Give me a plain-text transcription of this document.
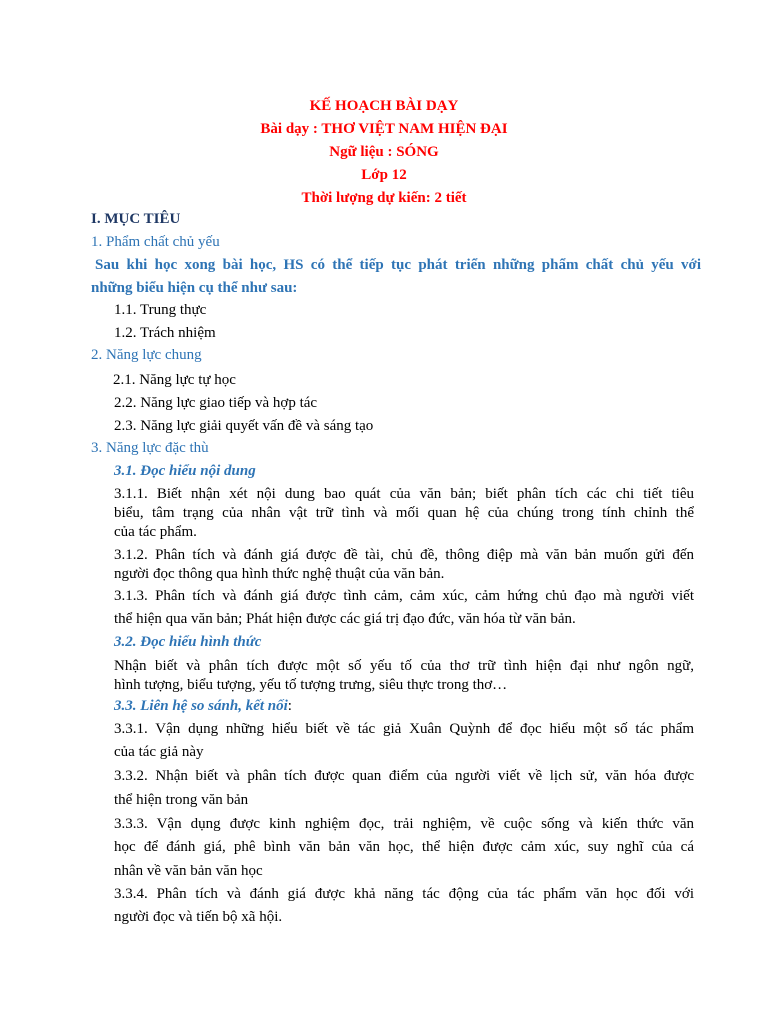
KẾ HOẠCH BÀI DẠY
Bài dạy : THƠ VIỆT NAM HIỆN ĐẠI
Ngữ liệu : SÓNG
Lớp 12
Thời lượng dự kiến: 2 tiết
I. MỤC TIÊU
1. Phẩm chất chủ yếu
Sau khi học xong bài học, HS có thể tiếp tục phát triển những phẩm chất chủ yếu với
những biểu hiện cụ thể như sau:
1.1. Trung thực
1.2. Trách nhiệm
2. Năng lực chung
2.1. Năng lực tự học
2.2. Năng lực giao tiếp và hợp tác
2.3. Năng lực giải quyết vấn đề và sáng tạo
3. Năng lực đặc thù
3.1. Đọc hiểu nội dung
3.1.1. Biết nhận xét nội dung bao quát của văn bản; biết phân tích các chi tiết tiêu
biểu, tâm trạng của nhân vật trữ tình và mối quan hệ của chúng trong tính chỉnh thể
của tác phẩm.
3.1.2. Phân tích và đánh giá được đề tài, chủ đề, thông điệp mà văn bản muốn gửi đến
người đọc thông qua hình thức nghệ thuật của văn bản.
3.1.3. Phân tích và đánh giá được tình cảm, cảm xúc, cảm hứng chủ đạo mà người viết
thể hiện qua văn bản; Phát hiện được các giá trị đạo đức, văn hóa từ văn bản.
3.2. Đọc hiểu hình thức
Nhận biết và phân tích được một số yếu tố của thơ trữ tình hiện đại như ngôn ngữ,
hình tượng, biểu tượng, yếu tố tượng trưng, siêu thực trong thơ…
3.3. Liên hệ so sánh, kết nối:
3.3.1. Vận dụng những hiểu biết về tác giả Xuân Quỳnh để đọc hiểu một số tác phẩm
của tác giả này
3.3.2. Nhận biết và phân tích được quan điểm của người viết về lịch sử, văn hóa được
thể hiện trong văn bản
3.3.3. Vận dụng được kinh nghiệm đọc, trải nghiệm, về cuộc sống và kiến thức văn
học để đánh giá, phê bình văn bản văn học, thể hiện được cảm xúc, suy nghĩ của cá
nhân về văn bản văn học
3.3.4. Phân tích và đánh giá được khả năng tác động của tác phẩm văn học đối với
người đọc và tiến bộ xã hội.
